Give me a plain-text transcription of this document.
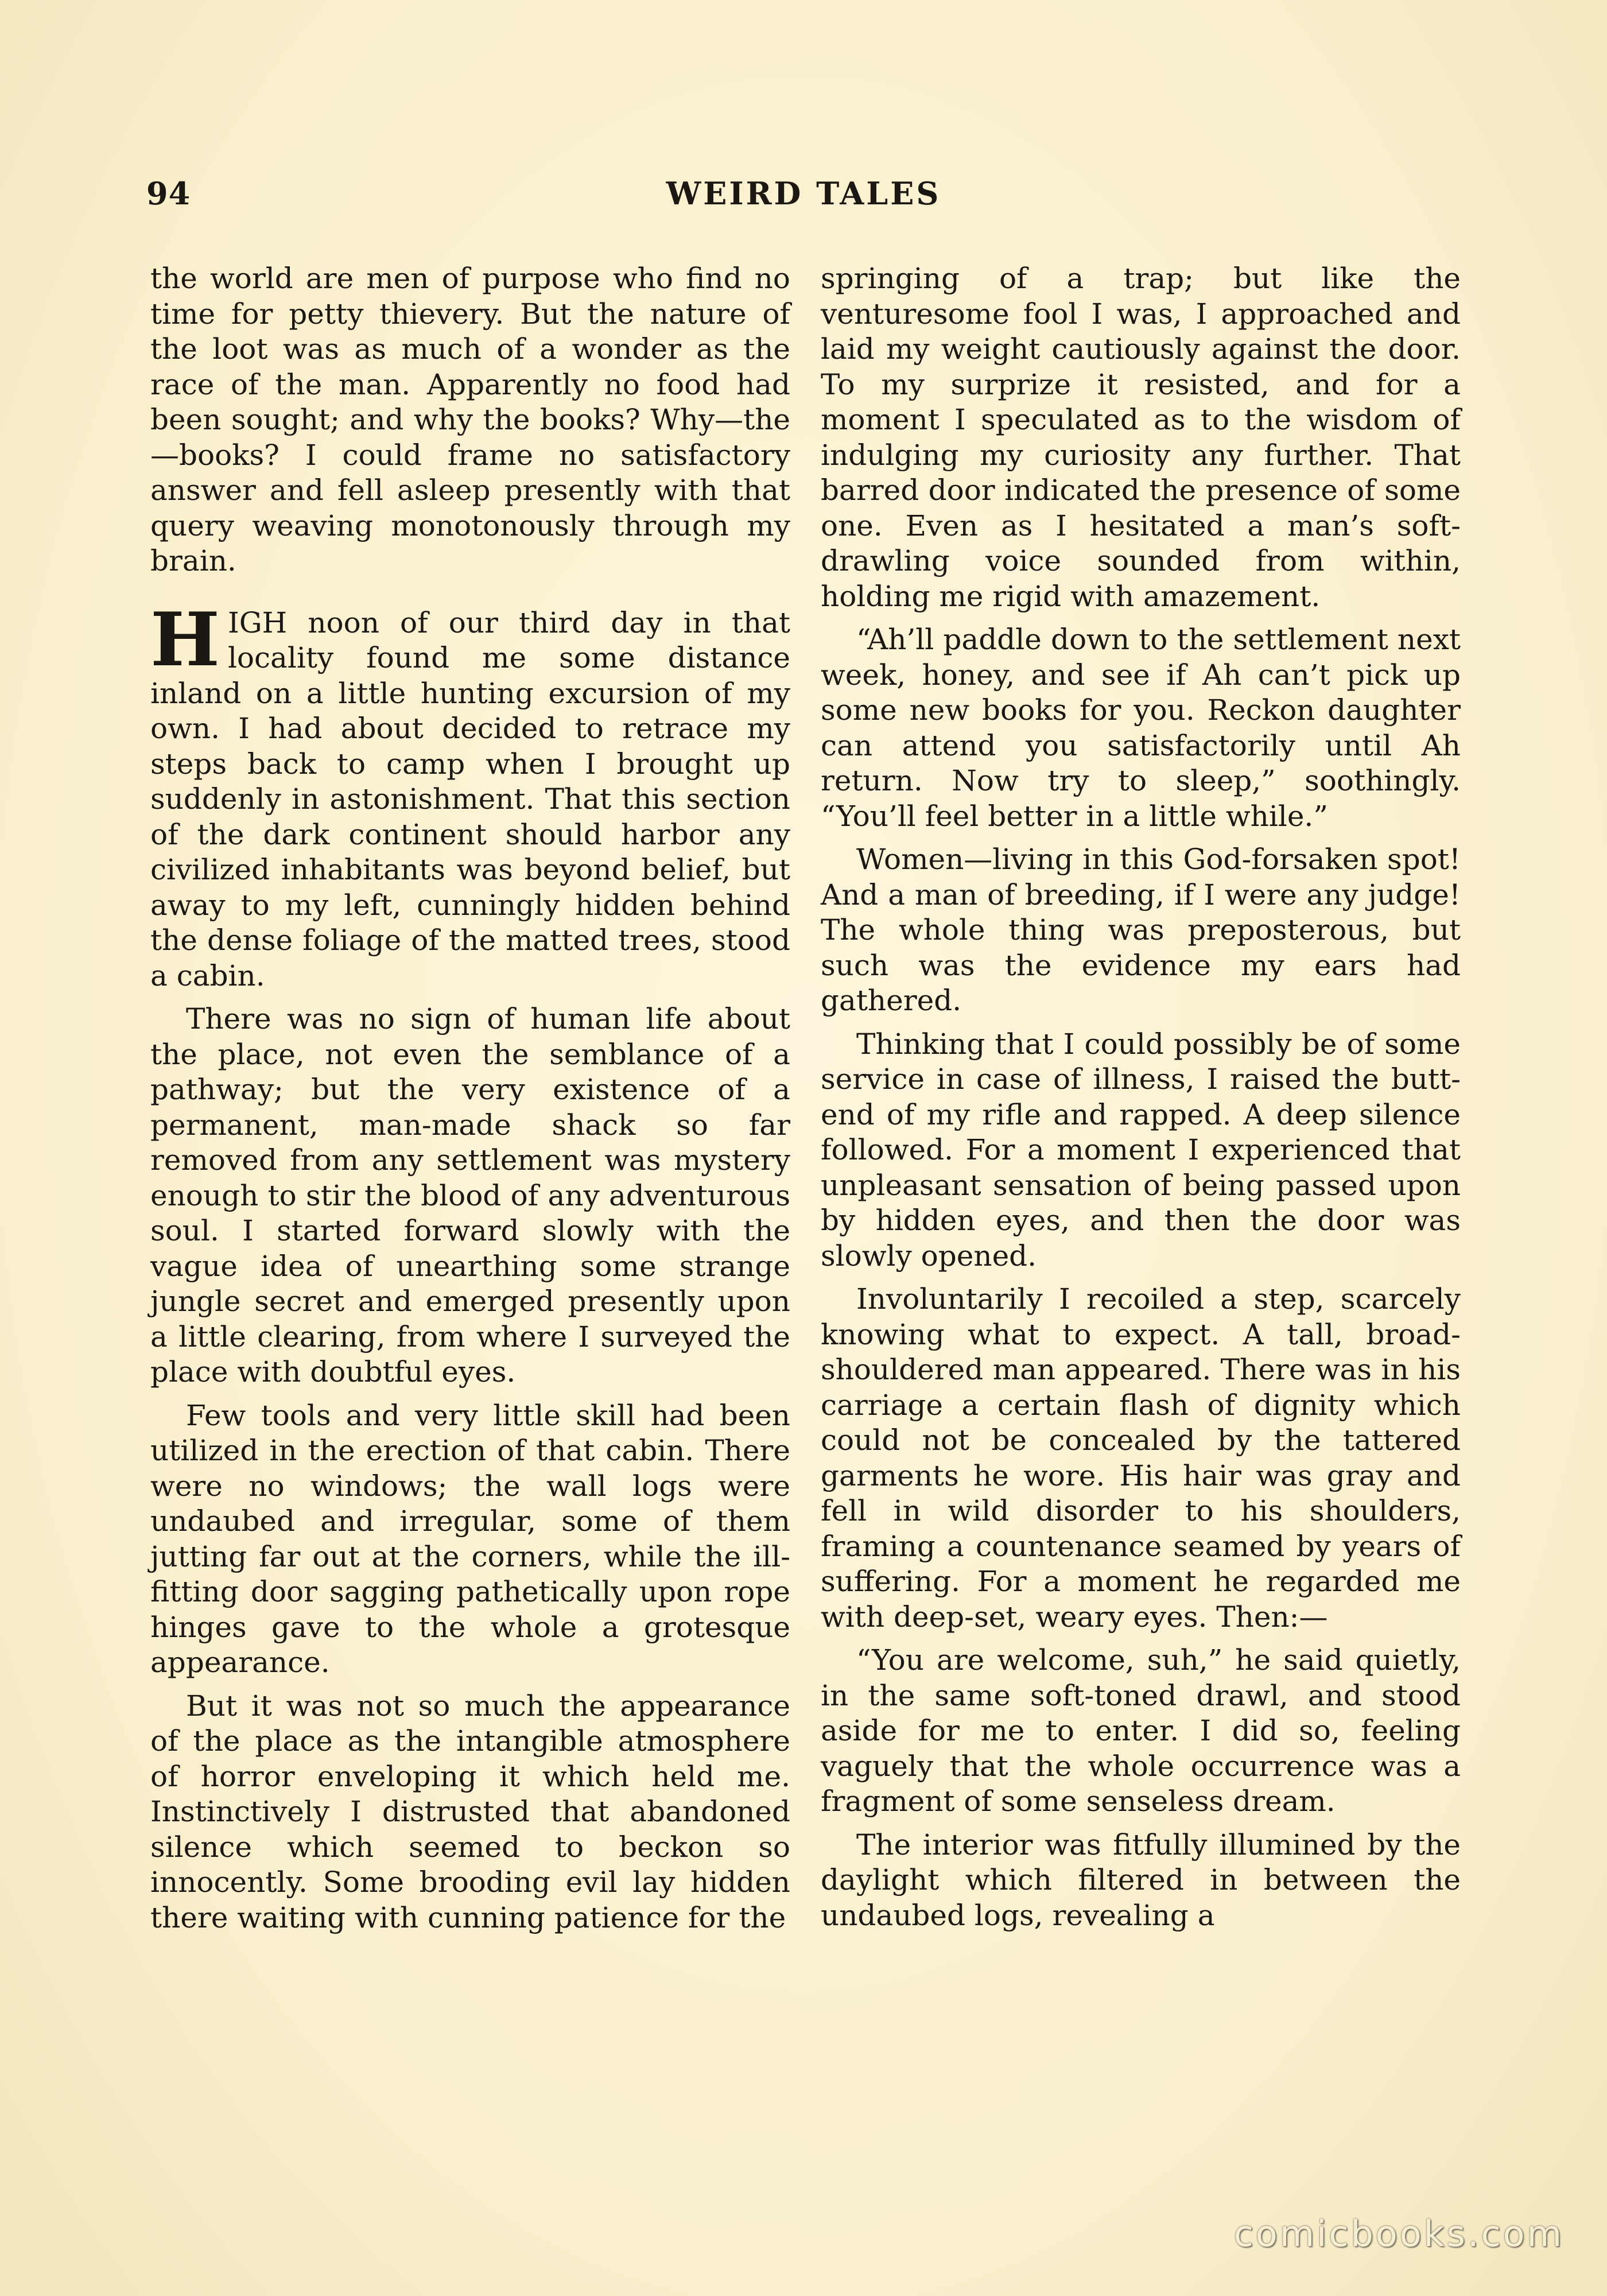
94	WEIRD TALES

the world are men of purpose who find no time for petty thievery. But the nature of the loot was as much of a wonder as the race of the man. Apparently no food had been sought; and why the books? Why—the—books? I could frame no satisfactory answer and fell asleep presently with that query weaving monotonously through my brain.

HIGH noon of our third day in that locality found me some distance inland on a little hunting excursion of my own. I had about decided to retrace my steps back to camp when I brought up suddenly in astonishment. That this section of the dark continent should harbor any civilized inhabitants was beyond belief, but away to my left, cunningly hidden behind the dense foliage of the matted trees, stood a cabin.

There was no sign of human life about the place, not even the semblance of a pathway; but the very existence of a permanent, man-made shack so far removed from any settlement was mystery enough to stir the blood of any adventurous soul. I started forward slowly with the vague idea of unearthing some strange jungle secret and emerged presently upon a little clearing, from where I surveyed the place with doubtful eyes.

Few tools and very little skill had been utilized in the erection of that cabin. There were no windows; the wall logs were undaubed and irregular, some of them jutting far out at the corners, while the ill-fitting door sagging pathetically upon rope hinges gave to the whole a grotesque appearance.

But it was not so much the appearance of the place as the intangible atmosphere of horror enveloping it which held me. Instinctively I distrusted that abandoned silence which seemed to beckon so innocently. Some brooding evil lay hidden there waiting with cunning patience for the

springing of a trap; but like the venturesome fool I was, I approached and laid my weight cautiously against the door. To my surprize it resisted, and for a moment I speculated as to the wisdom of indulging my curiosity any further. That barred door indicated the presence of some one. Even as I hesitated a man’s soft-drawling voice sounded from within, holding me rigid with amazement.

“Ah’ll paddle down to the settlement next week, honey, and see if Ah can’t pick up some new books for you. Reckon daughter can attend you satisfactorily until Ah return. Now try to sleep,” soothingly. “You’ll feel better in a little while.”

Women—living in this God-forsaken spot! And a man of breeding, if I were any judge! The whole thing was preposterous, but such was the evidence my ears had gathered.

Thinking that I could possibly be of some service in case of illness, I raised the butt-end of my rifle and rapped. A deep silence followed. For a moment I experienced that unpleasant sensation of being passed upon by hidden eyes, and then the door was slowly opened.

Involuntarily I recoiled a step, scarcely knowing what to expect. A tall, broad-shouldered man appeared. There was in his carriage a certain flash of dignity which could not be concealed by the tattered garments he wore. His hair was gray and fell in wild disorder to his shoulders, framing a countenance seamed by years of suffering. For a moment he regarded me with deep-set, weary eyes. Then:—

“You are welcome, suh,” he said quietly, in the same soft-toned drawl, and stood aside for me to enter. I did so, feeling vaguely that the whole occurrence was a fragment of some senseless dream.

The interior was fitfully illumined by the daylight which filtered in between the undaubed logs, revealing a

comicbooks.com
